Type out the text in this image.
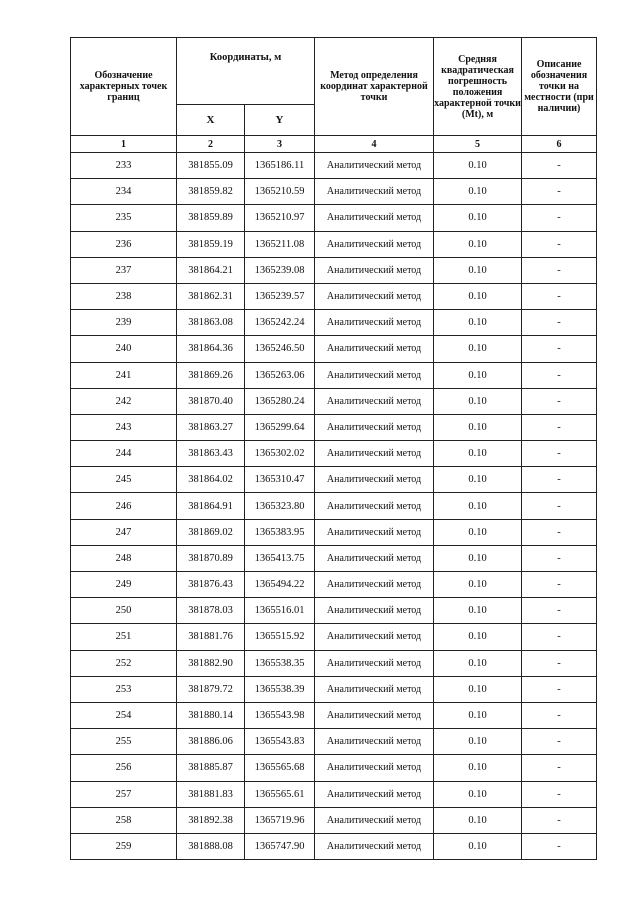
Обозначение характерных точек границ	Координаты, м		Метод определения координат характерной точки	Средняя квадратическая погрешность положения характерной точки (Mt), м	Описание обозначения точки на местности (при наличии)
	X	Y			
1	2	3	4	5	6
233	381855.09	1365186.11	Аналитический метод	0.10	-
234	381859.82	1365210.59	Аналитический метод	0.10	-
235	381859.89	1365210.97	Аналитический метод	0.10	-
236	381859.19	1365211.08	Аналитический метод	0.10	-
237	381864.21	1365239.08	Аналитический метод	0.10	-
238	381862.31	1365239.57	Аналитический метод	0.10	-
239	381863.08	1365242.24	Аналитический метод	0.10	-
240	381864.36	1365246.50	Аналитический метод	0.10	-
241	381869.26	1365263.06	Аналитический метод	0.10	-
242	381870.40	1365280.24	Аналитический метод	0.10	-
243	381863.27	1365299.64	Аналитический метод	0.10	-
244	381863.43	1365302.02	Аналитический метод	0.10	-
245	381864.02	1365310.47	Аналитический метод	0.10	-
246	381864.91	1365323.80	Аналитический метод	0.10	-
247	381869.02	1365383.95	Аналитический метод	0.10	-
248	381870.89	1365413.75	Аналитический метод	0.10	-
249	381876.43	1365494.22	Аналитический метод	0.10	-
250	381878.03	1365516.01	Аналитический метод	0.10	-
251	381881.76	1365515.92	Аналитический метод	0.10	-
252	381882.90	1365538.35	Аналитический метод	0.10	-
253	381879.72	1365538.39	Аналитический метод	0.10	-
254	381880.14	1365543.98	Аналитический метод	0.10	-
255	381886.06	1365543.83	Аналитический метод	0.10	-
256	381885.87	1365565.68	Аналитический метод	0.10	-
257	381881.83	1365565.61	Аналитический метод	0.10	-
258	381892.38	1365719.96	Аналитический метод	0.10	-
259	381888.08	1365747.90	Аналитический метод	0.10	-
